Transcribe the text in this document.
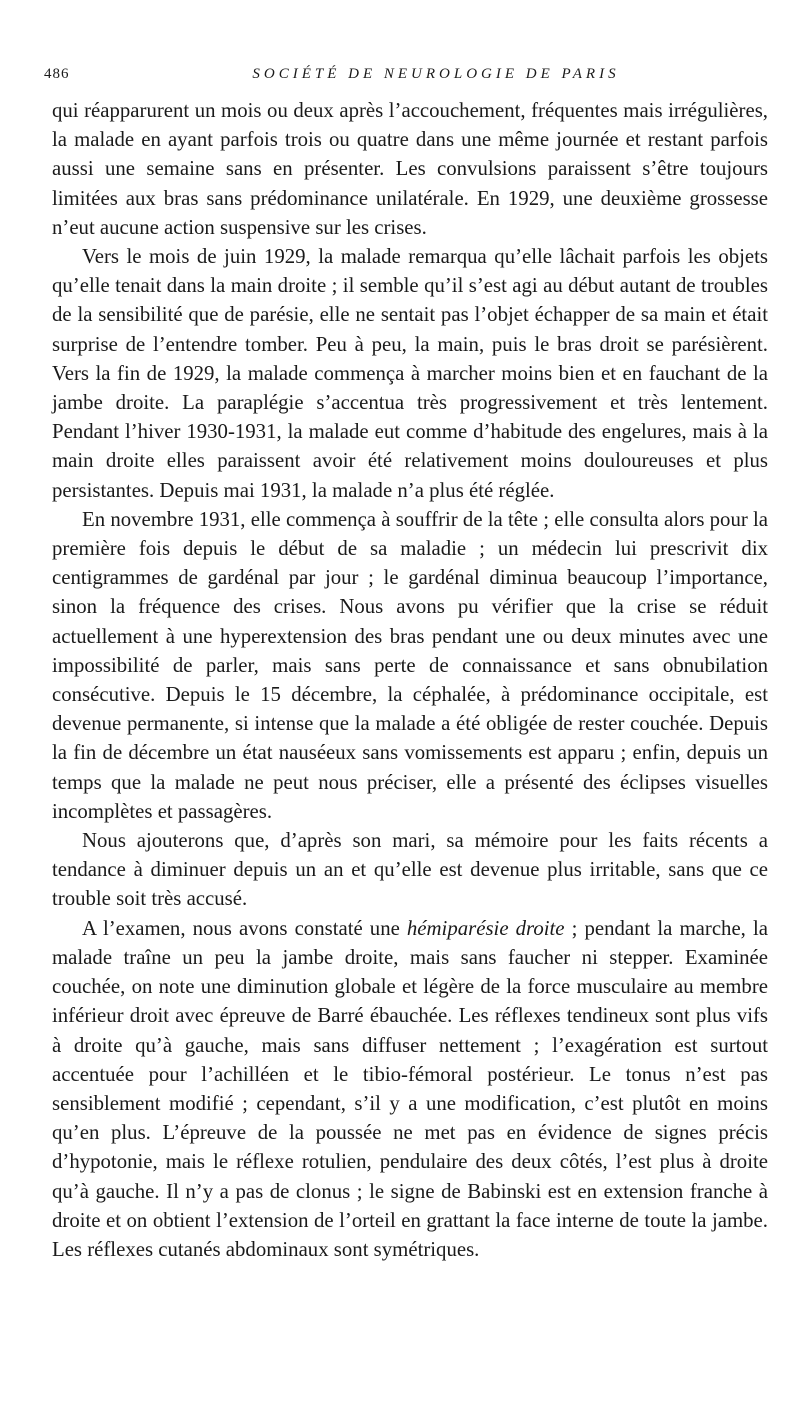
486	SOCIÉTÉ DE NEUROLOGIE DE PARIS

qui réapparurent un mois ou deux après l’accouchement, fréquentes mais irrégulières, la malade en ayant parfois trois ou quatre dans une même journée et restant parfois aussi une semaine sans en présenter. Les convulsions paraissent s’être toujours limitées aux bras sans prédominance unilatérale. En 1929, une deuxième grossesse n’eut aucune action suspensive sur les crises.

Vers le mois de juin 1929, la malade remarqua qu’elle lâchait parfois les objets qu’elle tenait dans la main droite ; il semble qu’il s’est agi au début autant de troubles de la sensibilité que de parésie, elle ne sentait pas l’objet échapper de sa main et était surprise de l’entendre tomber. Peu à peu, la main, puis le bras droit se parésièrent. Vers la fin de 1929, la malade commença à marcher moins bien et en fauchant de la jambe droite. La paraplégie s’accentua très progressivement et très lentement. Pendant l’hiver 1930-1931, la malade eut comme d’habitude des engelures, mais à la main droite elles paraissent avoir été relativement moins douloureuses et plus persistantes. Depuis mai 1931, la malade n’a plus été réglée.

En novembre 1931, elle commença à souffrir de la tête ; elle consulta alors pour la première fois depuis le début de sa maladie ; un médecin lui prescrivit dix centigrammes de gardénal par jour ; le gardénal diminua beaucoup l’importance, sinon la fréquence des crises. Nous avons pu vérifier que la crise se réduit actuellement à une hyperextension des bras pendant une ou deux minutes avec une impossibilité de parler, mais sans perte de connaissance et sans obnubilation consécutive. Depuis le 15 décembre, la céphalée, à prédominance occipitale, est devenue permanente, si intense que la malade a été obligée de rester couchée. Depuis la fin de décembre un état nauséeux sans vomissements est apparu ; enfin, depuis un temps que la malade ne peut nous préciser, elle a présenté des éclipses visuelles incomplètes et passagères.

Nous ajouterons que, d’après son mari, sa mémoire pour les faits récents a tendance à diminuer depuis un an et qu’elle est devenue plus irritable, sans que ce trouble soit très accusé.

A l’examen, nous avons constaté une hémiparésie droite ; pendant la marche, la malade traîne un peu la jambe droite, mais sans faucher ni stepper. Examinée couchée, on note une diminution globale et légère de la force musculaire au membre inférieur droit avec épreuve de Barré ébauchée. Les réflexes tendineux sont plus vifs à droite qu’à gauche, mais sans diffuser nettement ; l’exagération est surtout accentuée pour l’achilléen et le tibio-fémoral postérieur. Le tonus n’est pas sensiblement modifié ; cependant, s’il y a une modification, c’est plutôt en moins qu’en plus. L’épreuve de la poussée ne met pas en évidence de signes précis d’hypotonie, mais le réflexe rotulien, pendulaire des deux côtés, l’est plus à droite qu’à gauche. Il n’y a pas de clonus ; le signe de Babinski est en extension franche à droite et on obtient l’extension de l’orteil en grattant la face interne de toute la jambe. Les réflexes cutanés abdominaux sont symétriques.
